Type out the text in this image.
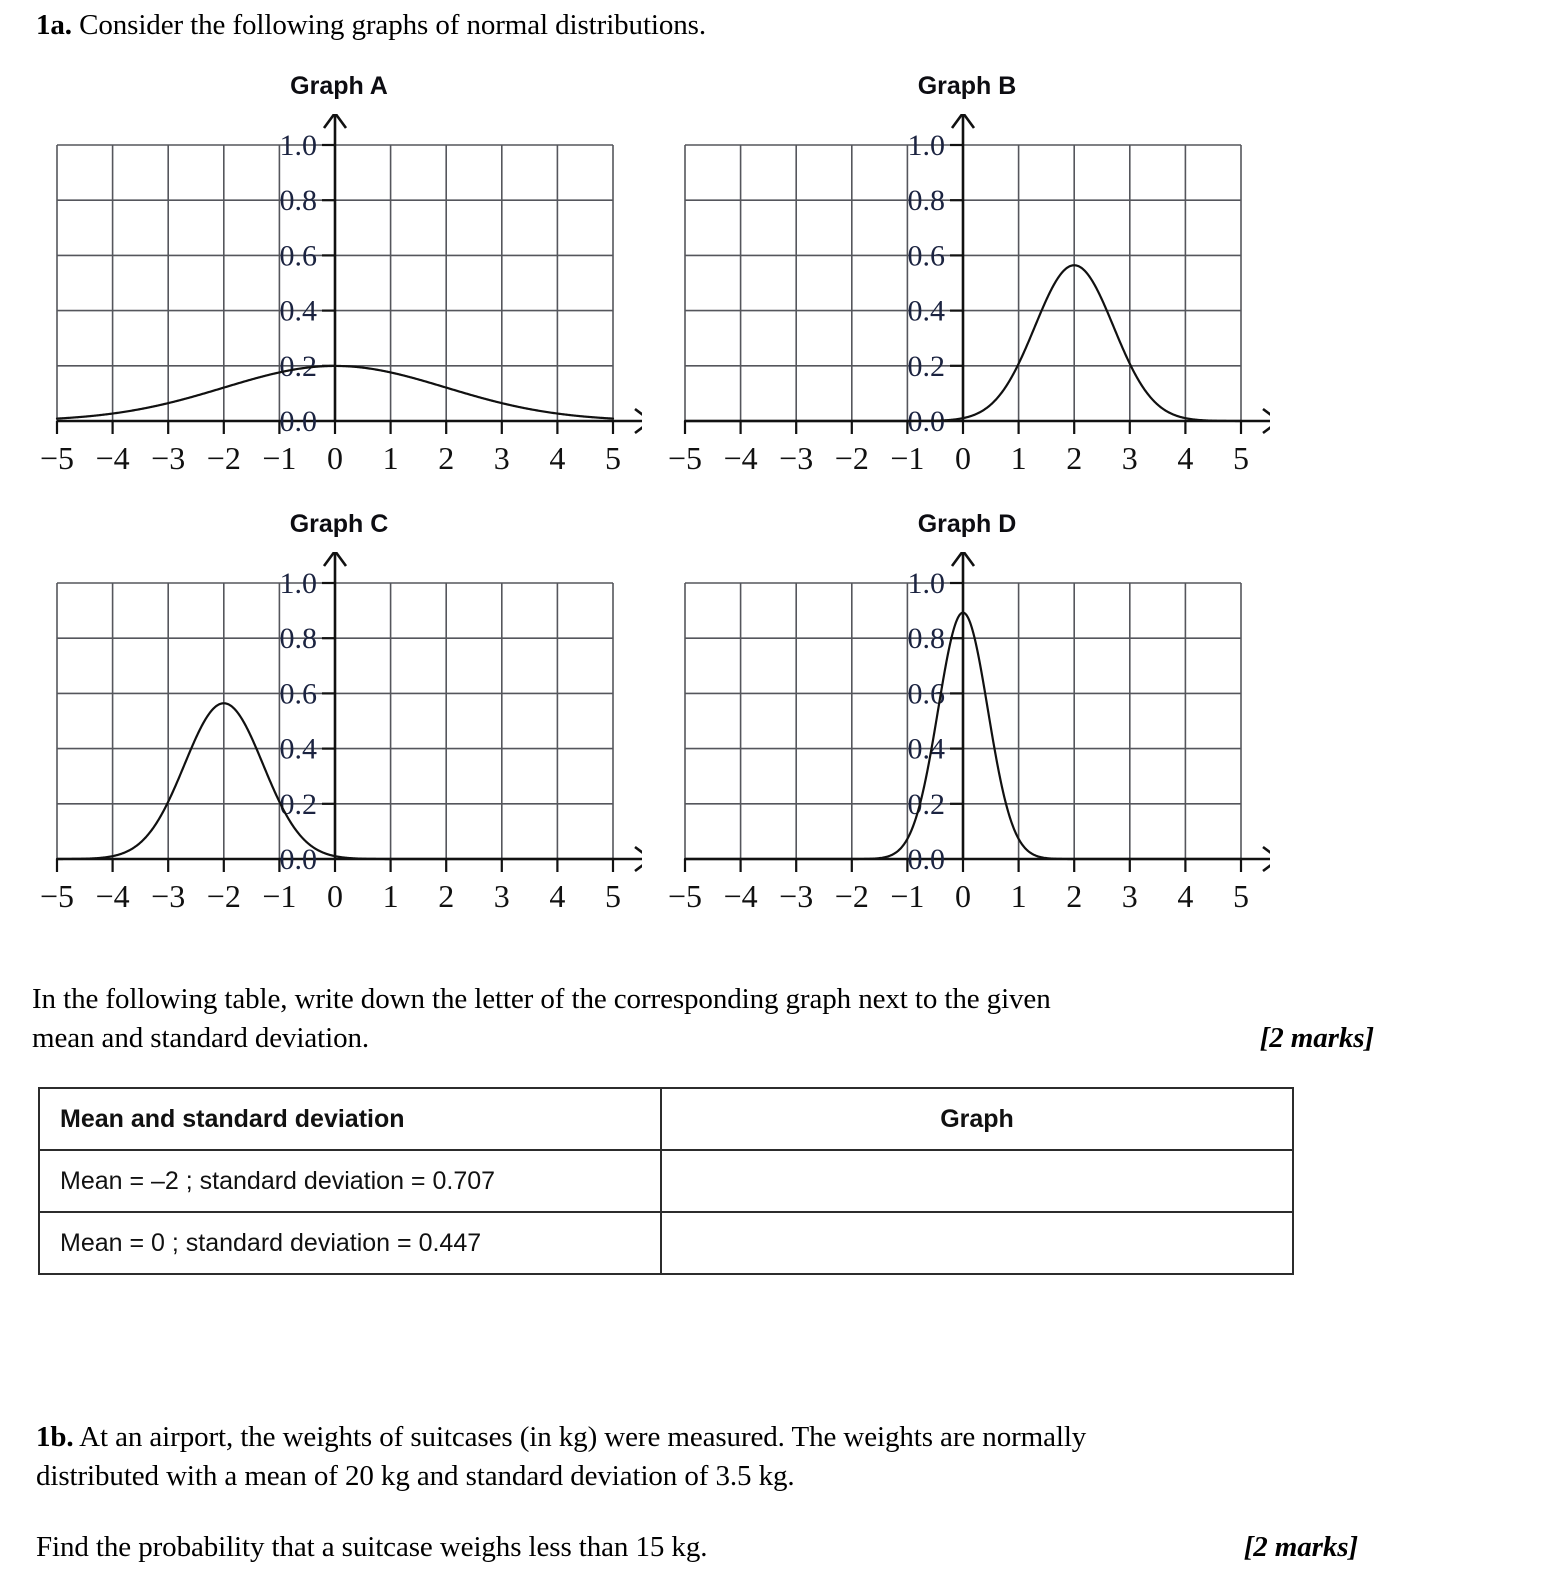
1a. Consider the following graphs of normal distributions.
Graph A
1.0
0.8
0.6
0.4
0.2
0.0
−5 −4 −3 −2 −1 0 1 2 3 4 5
Graph B
1.0
0.8
0.6
0.4
0.2
0.0
−5 −4 −3 −2 −1 0 1 2 3 4 5
Graph C
1.0
0.8
0.6
0.4
0.2
0.0
−5 −4 −3 −2 −1 0 1 2 3 4 5
Graph D
1.0
0.8
0.6
0.4
0.2
0.0
−5 −4 −3 −2 −1 0 1 2 3 4 5
In the following table, write down the letter of the corresponding graph next to the given
mean and standard deviation.	[2 marks]
Mean and standard deviation	Graph
Mean = –2 ; standard deviation = 0.707	
Mean = 0 ; standard deviation = 0.447	
1b. At an airport, the weights of suitcases (in kg) were measured. The weights are normally
distributed with a mean of 20 kg and standard deviation of 3.5 kg.
Find the probability that a suitcase weighs less than 15 kg.	[2 marks]
